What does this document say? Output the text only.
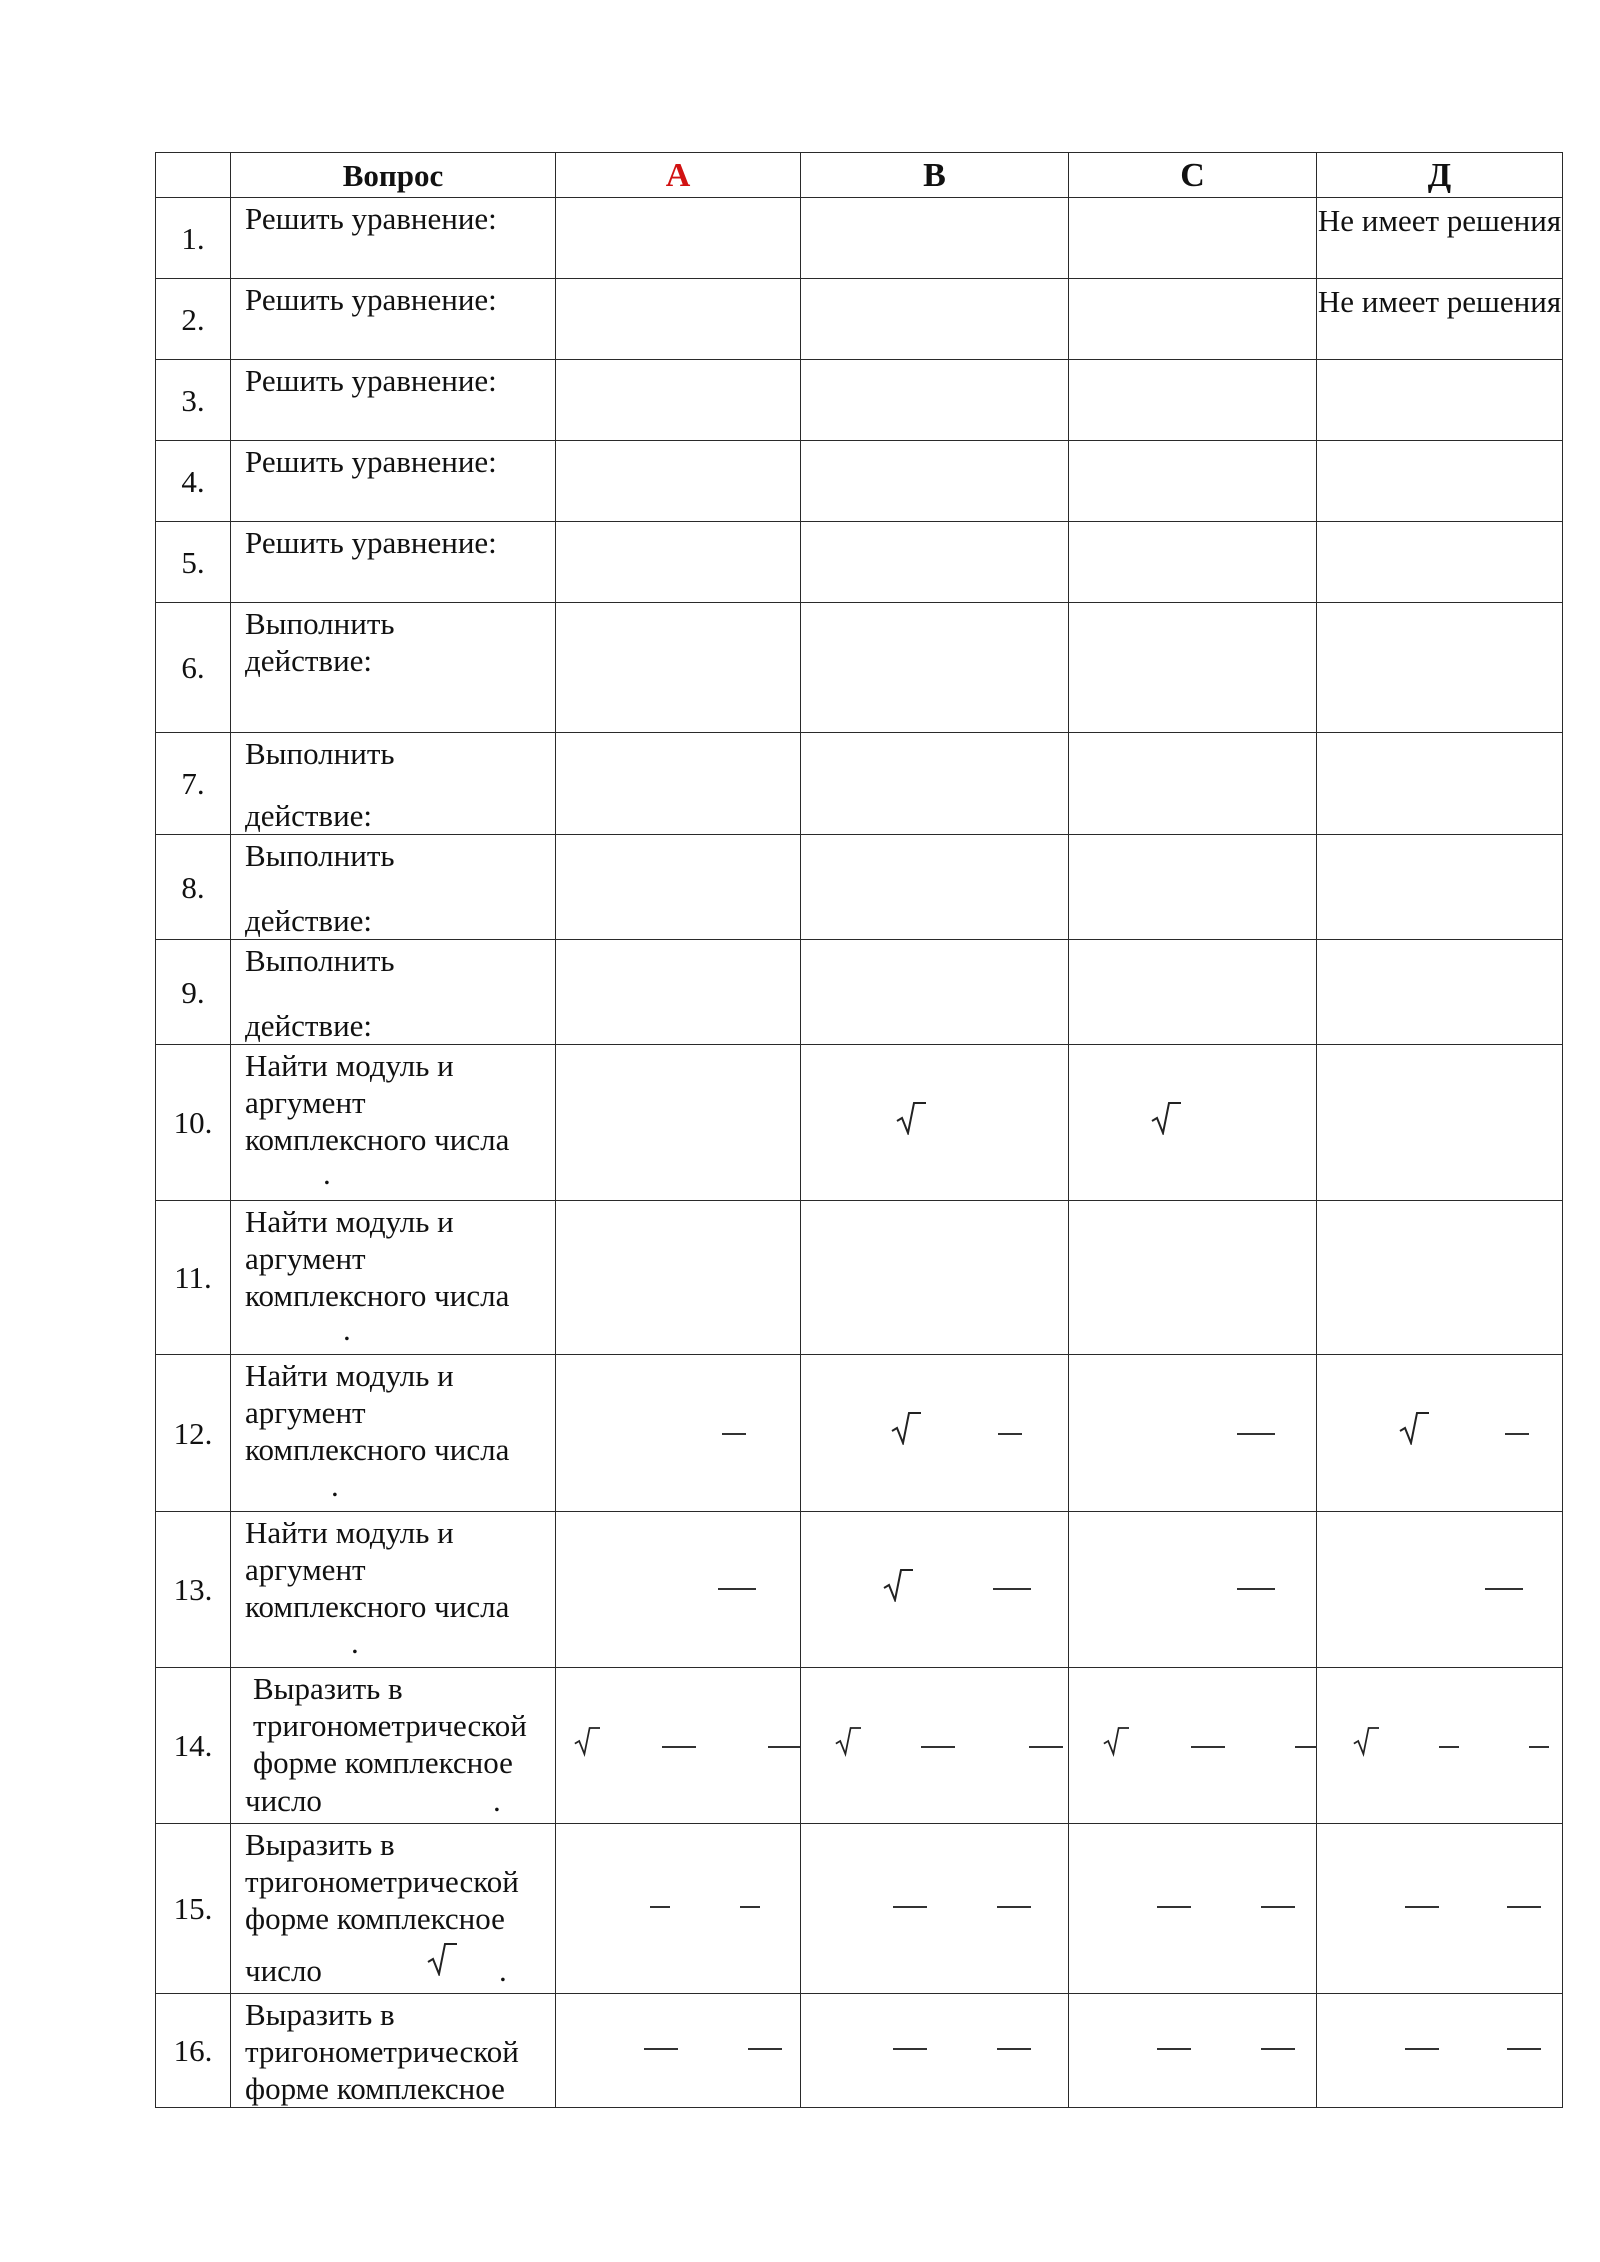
	Вопрос	A	B	C	Д
1.	Решить уравнение:				Не имеет решения

2.	Решить уравнение:				Не имеет решения

3.	Решить уравнение:				
4.	Решить уравнение:				
5.	Решить уравнение:				
6.	Выполнить
действие:				

7.	Выполнить
действие:				

8.	Выполнить
действие:				

9.	Выполнить
действие:				

10.	Найти модуль и аргумент комплексного числа
.

11.	Найти модуль и аргумент комплексного числа
.				

12.	Найти модуль и аргумент комплексного числа
.

13.	Найти модуль и аргумент комплексного числа
.

14.	Выразить в тригонометрической форме комплексное
число .

15.	Выразить в тригонометрической форме комплексное
число .				

16.	Выразить в тригонометрической форме комплексное				
